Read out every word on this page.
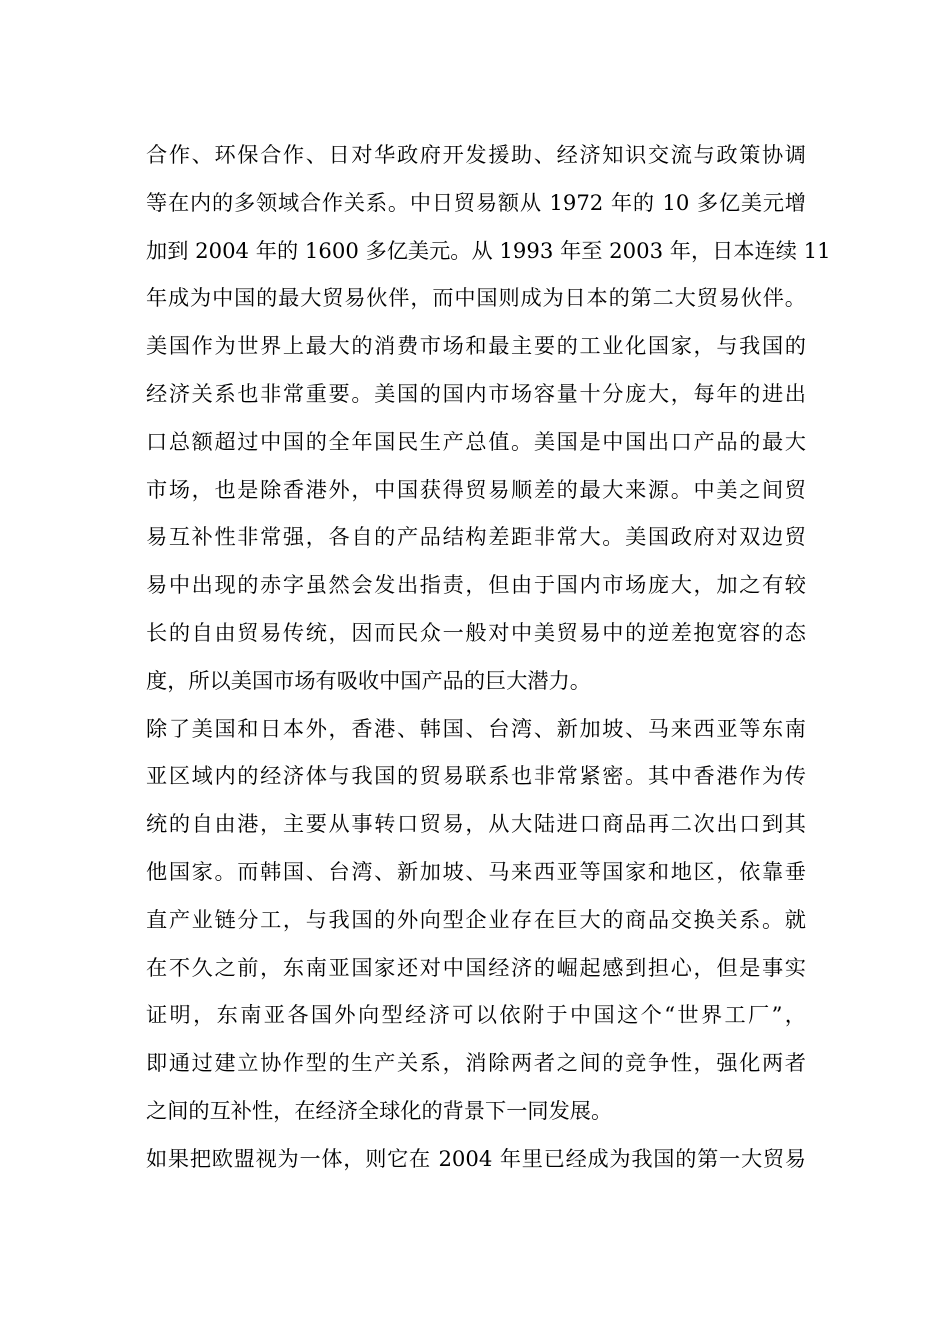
合作、环保合作、日对华政府开发援助、经济知识交流与政策协调
等在内的多领域合作关系。中日贸易额从 1972 年的 10 多亿美元增
加到 2004 年的 1600 多亿美元。从 1993 年至 2003 年，日本连续 11
年成为中国的最大贸易伙伴，而中国则成为日本的第二大贸易伙伴。
美国作为世界上最大的消费市场和最主要的工业化国家，与我国的
经济关系也非常重要。美国的国内市场容量十分庞大，每年的进出
口总额超过中国的全年国民生产总值。美国是中国出口产品的最大
市场，也是除香港外，中国获得贸易顺差的最大来源。中美之间贸
易互补性非常强，各自的产品结构差距非常大。美国政府对双边贸
易中出现的赤字虽然会发出指责，但由于国内市场庞大，加之有较
长的自由贸易传统，因而民众一般对中美贸易中的逆差抱宽容的态
度，所以美国市场有吸收中国产品的巨大潜力。
除了美国和日本外，香港、韩国、台湾、新加坡、马来西亚等东南
亚区域内的经济体与我国的贸易联系也非常紧密。其中香港作为传
统的自由港，主要从事转口贸易，从大陆进口商品再二次出口到其
他国家。而韩国、台湾、新加坡、马来西亚等国家和地区，依靠垂
直产业链分工，与我国的外向型企业存在巨大的商品交换关系。就
在不久之前，东南亚国家还对中国经济的崛起感到担心，但是事实
证明，东南亚各国外向型经济可以依附于中国这个“世界工厂”，
即通过建立协作型的生产关系，消除两者之间的竞争性，强化两者
之间的互补性，在经济全球化的背景下一同发展。
如果把欧盟视为一体，则它在 2004 年里已经成为我国的第一大贸易
